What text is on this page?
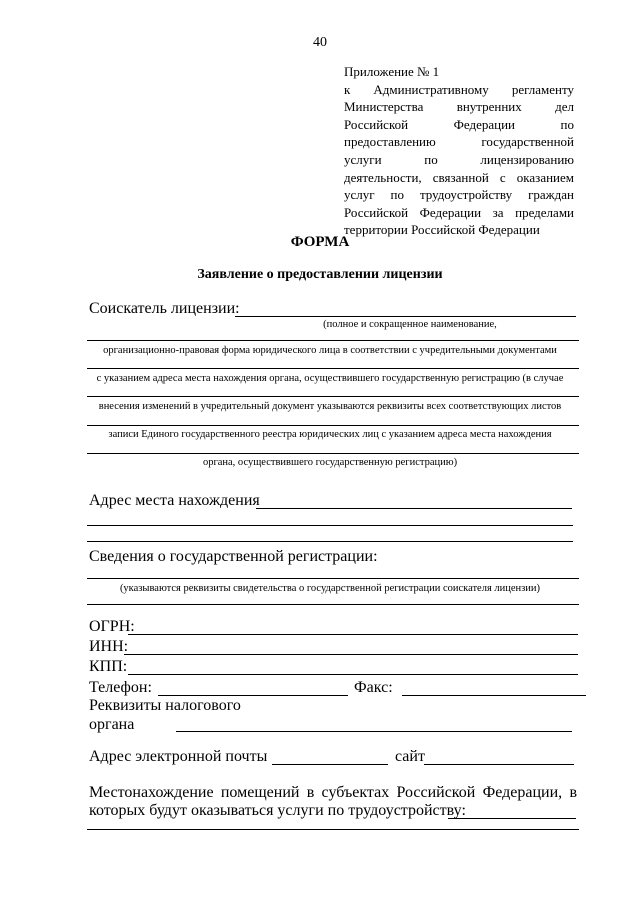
40
Приложение № 1
к Административному регламенту
Министерства внутренних дел
Российской Федерации по
предоставлению государственной
услуги по лицензированию
деятельности, связанной с оказанием
услуг по трудоустройству граждан
Российской Федерации за пределами
территории Российской Федерации
ФОРМА
Заявление о предоставлении лицензии
Соискатель лицензии:
(полное и сокращенное наименование,
организационно-правовая форма юридического лица в соответствии с учредительными документами
с указанием адреса места нахождения органа, осуществившего государственную регистрацию (в случае
внесения изменений в учредительный документ указываются реквизиты всех соответствующих листов
записи Единого государственного реестра юридических лиц с указанием адреса места нахождения
органа, осуществившего государственную регистрацию)
Адрес места нахождения
Сведения о государственной регистрации:
(указываются реквизиты свидетельства о государственной регистрации соискателя лицензии)
ОГРН:
ИНН:
КПП:
Телефон:	Факс:
Реквизиты налогового
органа
Адрес электронной почты	сайт
Местонахождение помещений в субъектах Российской Федерации, в
которых будут оказываться услуги по трудоустройству:
